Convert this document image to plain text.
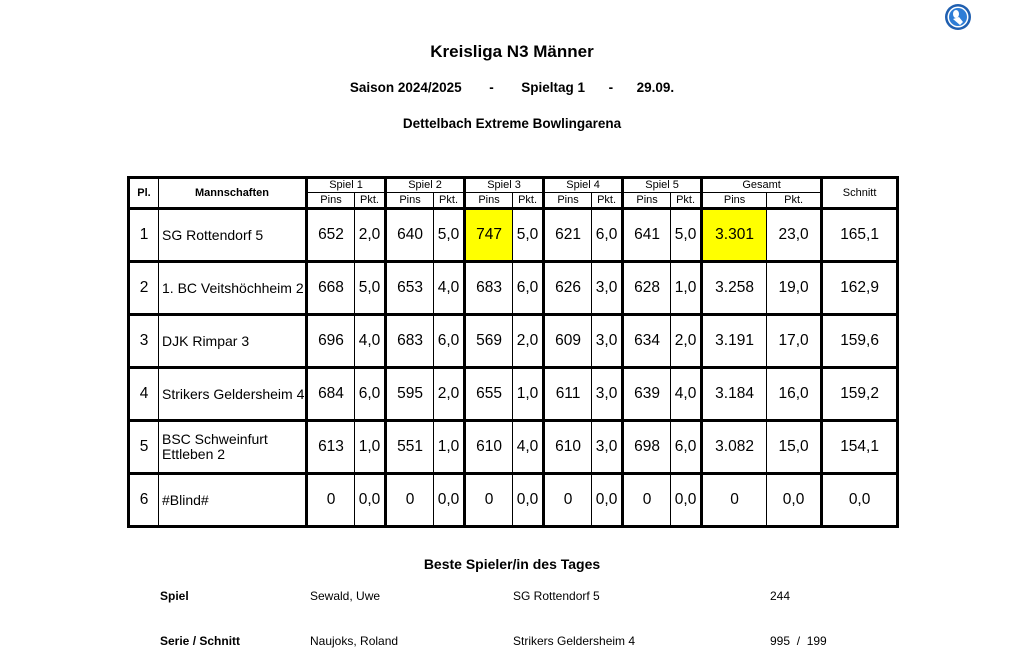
Kreisliga N3 Männer
Saison 2024/2025 - Spieltag 1 - 29.09.
Dettelbach Extreme Bowlingarena
Pl.	Mannschaften	Spiel 1		Spiel 2		Spiel 3		Spiel 4		Spiel 5		Gesamt		Schnitt
		Pins	Pkt.	Pins	Pkt.	Pins	Pkt.	Pins	Pkt.	Pins	Pkt.	Pins	Pkt.	
1	SG Rottendorf 5	652	2,0	640	5,0	747	5,0	621	6,0	641	5,0	3.301	23,0	165,1
2	1. BC Veitshöchheim 2	668	5,0	653	4,0	683	6,0	626	3,0	628	1,0	3.258	19,0	162,9
3	DJK Rimpar 3	696	4,0	683	6,0	569	2,0	609	3,0	634	2,0	3.191	17,0	159,6
4	Strikers Geldersheim 4	684	6,0	595	2,0	655	1,0	611	3,0	639	4,0	3.184	16,0	159,2
5	BSC Schweinfurt Ettleben 2	613	1,0	551	1,0	610	4,0	610	3,0	698	6,0	3.082	15,0	154,1
6	#Blind#	0	0,0	0	0,0	0	0,0	0	0,0	0	0,0	0	0,0	0,0
Beste Spieler/in des Tages
Spiel	Sewald, Uwe	SG Rottendorf 5	244
Serie / Schnitt	Naujoks, Roland	Strikers Geldersheim 4	995  /  199
